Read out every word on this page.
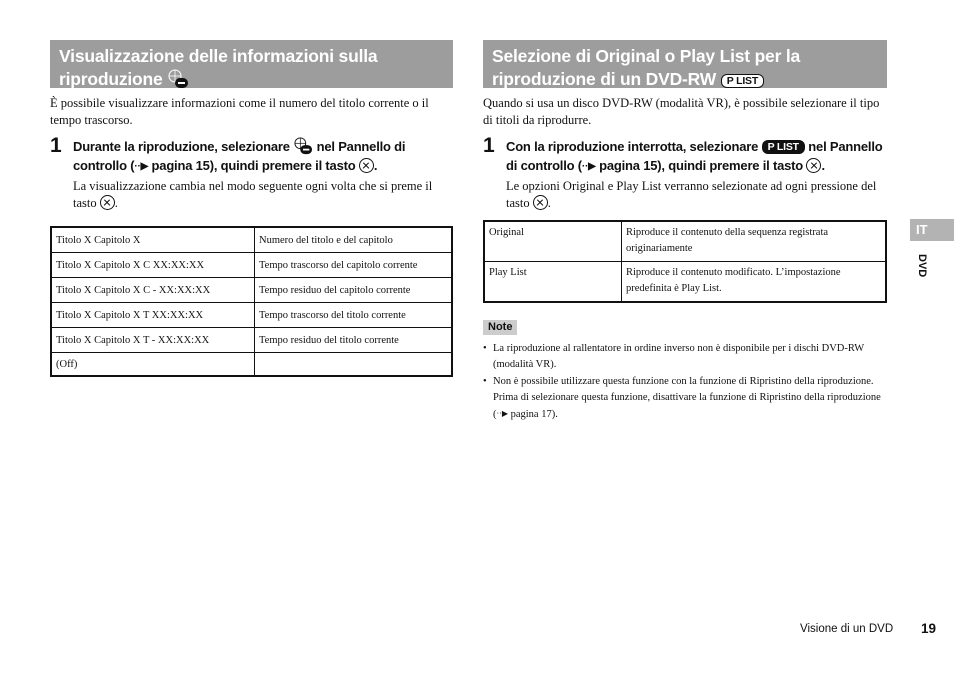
Visualizzazione delle informazioni sulla
riproduzione

È possibile visualizzare informazioni come il numero del titolo corrente o il tempo trascorso.

1 Durante la riproduzione, selezionare nel Pannello di controllo (··▶ pagina 15), quindi premere il tasto .
La visualizzazione cambia nel modo seguente ogni volta che si preme il tasto .
Titolo X Capitolo X	Numero del titolo e del capitolo
Titolo X Capitolo X C XX:XX:XX	Tempo trascorso del capitolo corrente
Titolo X Capitolo X C - XX:XX:XX	Tempo residuo del capitolo corrente
Titolo X Capitolo X T XX:XX:XX	Tempo trascorso del titolo corrente
Titolo X Capitolo X T - XX:XX:XX	Tempo residuo del titolo corrente
(Off)	
Selezione di Original o Play List per la
riproduzione di un DVD-RW P LIST

Quando si usa un disco DVD-RW (modalità VR), è possibile selezionare il tipo di titoli da riprodurre.

1 Con la riproduzione interrotta, selezionare P LIST nel Pannello di controllo (··▶ pagina 15), quindi premere il tasto .
Le opzioni Original e Play List verranno selezionate ad ogni pressione del tasto .
Original	Riproduce il contenuto della sequenza registrata originariamente
Play List	Riproduce il contenuto modificato. L’impostazione predefinita è Play List.
Note
• La riproduzione al rallentatore in ordine inverso non è disponibile per i dischi DVD-RW (modalità VR).
• Non è possibile utilizzare questa funzione con la funzione di Ripristino della riproduzione. Prima di selezionare questa funzione, disattivare la funzione di Ripristino della riproduzione (··▶ pagina 17).
IT
DVD
Visione di un DVD 19
